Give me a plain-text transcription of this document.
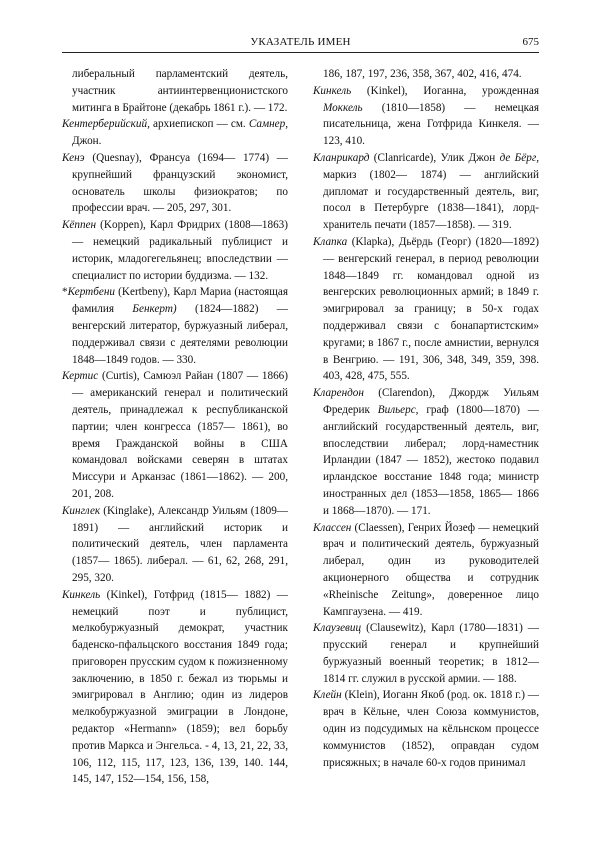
УКАЗАТЕЛЬ ИМЕН	675

либеральный парламентский деятель, участник антиинтервенционистского митинга в Брайтоне (декабрь 1861 г.). — 172.

Кентерберийский, архиепископ — см. Самнер, Джон.

Кенэ (Quesnay), Франсуа (1694— 1774) — крупнейший французский экономист, основатель школы физиократов; по профессии врач. — 205, 297, 301.

Кёппен (Koppen), Карл Фридрих (1808—1863) — немецкий радикальный публицист и историк, младогегельянец; впоследствии — специалист по истории буддизма. — 132.

*Кертбени (Kertbeny), Карл Мариа (настоящая фамилия Бенкерт) (1824—1882) — венгерский литератор, буржуазный либерал, поддерживал связи с деятелями революции 1848—1849 годов. — 330.

Кертис (Curtis), Самюэл Райан (1807 — 1866) — американский генерал и политический деятель, принадлежал к республиканской партии; член конгресса (1857— 1861), во время Гражданской войны в США командовал войсками северян в штатах Миссури и Арканзас (1861—1862). — 200, 201, 208.

Кинглек (Kinglake), Александр Уильям (1809—1891) — английский историк и политический деятель, член парламента (1857— 1865). либерал. — 61, 62, 268, 291, 295, 320.

Кинкель (Kinkel), Готфрид (1815— 1882) — немецкий поэт и публицист, мелкобуржуазный демократ, участник баденско-пфальцского восстания 1849 года; приговорен прусским судом к пожизненному заключению, в 1850 г. бежал из тюрьмы и эмигрировал в Англию; один из лидеров мелкобуржуазной эмиграции в Лондоне, редактор «Hermann» (1859); вел борьбу против Маркса и Энгельса. - 4, 13, 21, 22, 33, 106, 112, 115, 117, 123, 136, 139, 140. 144, 145, 147, 152—154, 156, 158,

186, 187, 197, 236, 358, 367, 402, 416, 474.

Кинкель (Kinkel), Иоганна, урожденная Моккель (1810—1858) — немецкая писательница, жена Готфрида Кинкеля. — 123, 410.

Кланрикард (Clanricarde), Улик Джон де Бёрг, маркиз (1802— 1874) — английский дипломат и государственный деятель, виг, посол в Петербурге (1838—1841), лорд-хранитель печати (1857—1858). — 319.

Клапка (Klapka), Дьёрдь (Георг) (1820—1892) — венгерский генерал, в период революции 1848—1849 гг. командовал одной из венгерских революционных армий; в 1849 г. эмигрировал за границу; в 50-х годах поддерживал связи с бонапартистским» кругами; в 1867 г., после амнистии, вернулся в Венгрию. — 191, 306, 348, 349, 359, 398. 403, 428, 475, 555.

Кларендон (Clarendon), Джордж Уильям Фредерик Вильерс, граф (1800—1870) — английский государственный деятель, виг, впоследствии либерал; лорд-наместник Ирландии (1847 — 1852), жестоко подавил ирландское восстание 1848 года; министр иностранных дел (1853—1858, 1865— 1866 и 1868—1870). — 171.

Классен (Claessen), Генрих Йозеф — немецкий врач и политический деятель, буржуазный либерал, один из руководителей акционерного общества и сотрудник «Rheinische Zeitung», доверенное лицо Кампгаузена. — 419.

Клаузевиц (Clausewitz), Карл (1780—1831) — прусский генерал и крупнейший буржуазный военный теоретик; в 1812—1814 гг. служил в русской армии. — 188.

Клейн (Klein), Иоганн Якоб (род. ок. 1818 г.) — врач в Кёльне, член Союза коммунистов, один из подсудимых на кёльнском процессе коммунистов (1852), оправдан судом присяжных; в начале 60-х годов принимал
